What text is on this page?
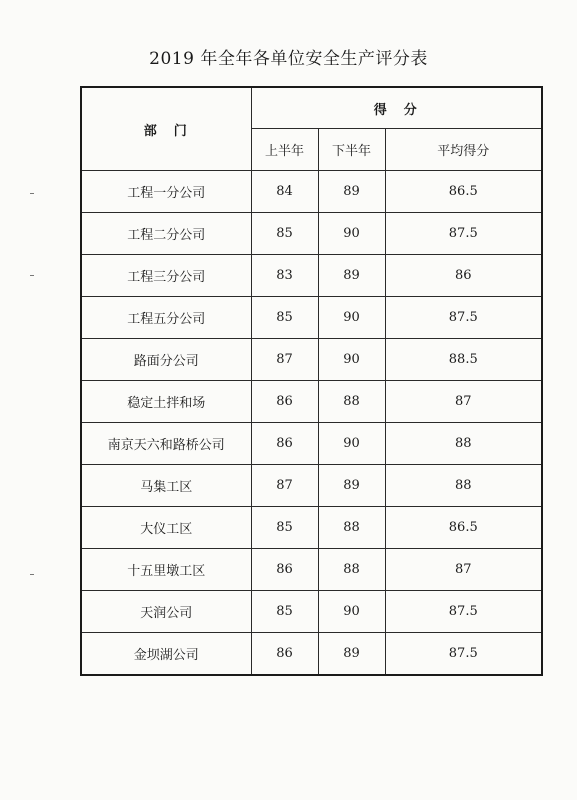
2019 年全年各单位安全生产评分表
部　门	得　分		
	上半年	下半年	平均得分
工程一分公司	84	89	86.5
工程二分公司	85	90	87.5
工程三分公司	83	89	86
工程五分公司	85	90	87.5
路面分公司	87	90	88.5
稳定土拌和场	86	88	87
南京天六和路桥公司	86	90	88
马集工区	87	89	88
大仪工区	85	88	86.5
十五里墩工区	86	88	87
天润公司	85	90	87.5
金坝湖公司	86	89	87.5
